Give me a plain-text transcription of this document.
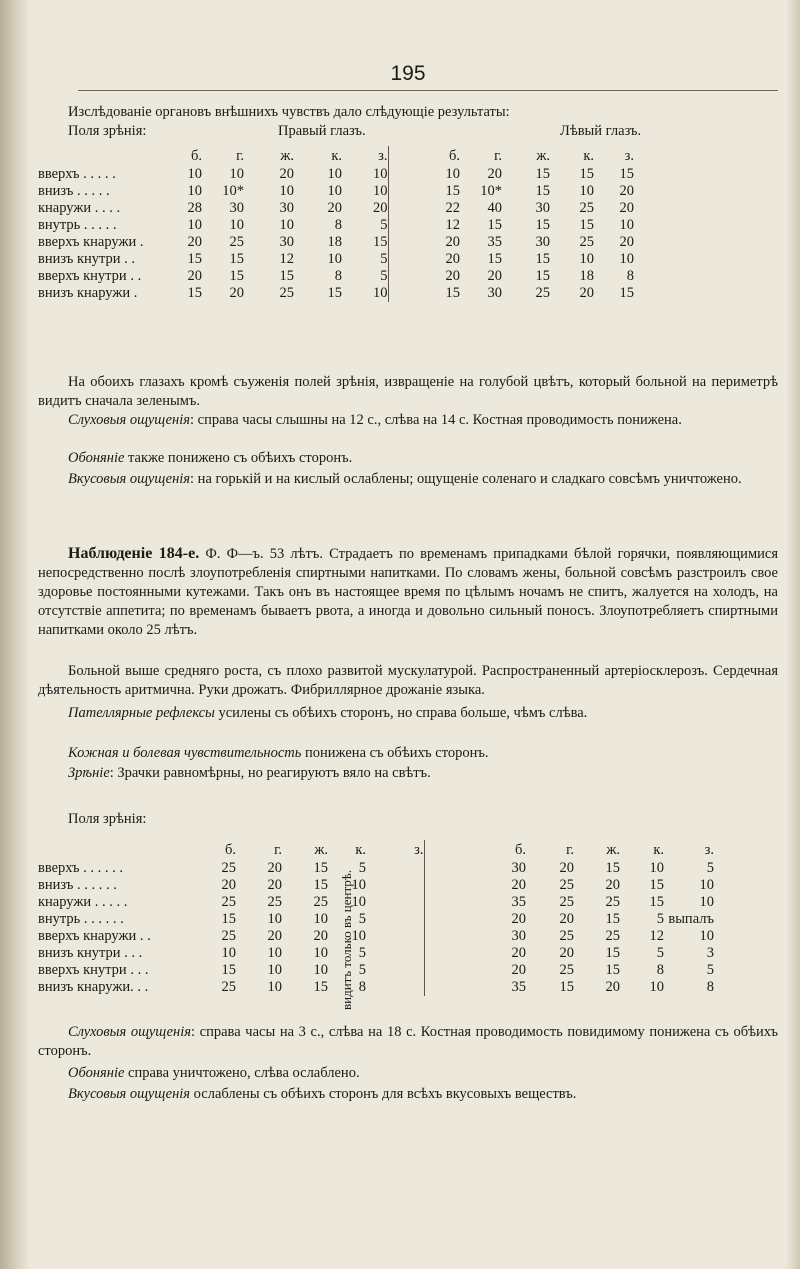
195

Изслѣдованiе органовъ внѣшнихъ чувствъ дало слѣдующiе результаты:

Поля зрѣнiя:	Правый глазъ.	Лѣвый глазъ.
	б.	г.	ж.	к.	з.		б.	г.	ж.	к.	з.
вверхъ . . . . .	10	10	20	10	10		10	20	15	15	15
внизъ . . . . .	10	10*	10	10	10		15	10*	15	10	20
кнаружи . . . .	28	30	30	20	20		22	40	30	25	20
внутрь . . . . .	10	10	10	8	5		12	15	15	15	10
вверхъ кнаружи .	20	25	30	18	15		20	35	30	25	20
внизъ кнутри . .	15	15	12	10	5		20	15	15	10	10
вверхъ кнутри . .	20	15	15	8	5		20	20	15	18	8
внизъ кнаружи .	15	20	25	15	10		15	30	25	20	15

На обоихъ глазахъ кромѣ съуженiя полей зрѣнiя, извращенiе на голубой цвѣтъ, который больной на периметрѣ видитъ сначала зеленымъ.

Слуховыя ощущенiя: справа часы слышны на 12 с., слѣва на 14 с. Костная проводимость понижена.

Обонянiе также понижено съ обѣихъ сторонъ.

Вкусовыя ощущенiя: на горькiй и на кислый ослаблены; ощущенiе соленаго и сладкаго совсѣмъ уничтожено.

Наблюденiе 184-е. Ф. Ф—ъ. 53 лѣтъ. Страдаетъ по временамъ припадками бѣлой горячки, появляющимися непосредственно послѣ злоупотребленiя спиртными напитками. По словамъ жены, больной совсѣмъ разстроилъ свое здоровье постоянными кутежами. Такъ онъ въ настоящее время по цѣлымъ ночамъ не спитъ, жалуется на холодъ, на отсутствiе аппетита; по временамъ бываетъ рвота, а иногда и довольно сильный поносъ. Злоупотребляетъ спиртными напитками около 25 лѣтъ.

Больной выше средняго роста, съ плохо развитой мускулатурой. Распространенный артерiосклерозъ. Сердечная дѣятельность аритмична. Руки дрожатъ. Фибриллярное дрожанiе языка.

Пателлярные рефлексы усилены съ обѣихъ сторонъ, но справа больше, чѣмъ слѣва.

Кожная и болевая чувствительность понижена съ обѣихъ сторонъ.

Зрѣнiе: Зрачки равномѣрны, но реагируютъ вяло на свѣтъ.

Поля зрѣнiя:
	б.	г.	ж.	к.	з.		б.	г.	ж.	к.	з.
вверхъ . . . . . .	25	20	15	5			30	20	15	10	5
внизъ . . . . . .	20	20	15	10			20	25	20	15	10
кнаружи . . . . .	25	25	25	10			35	25	25	15	10
внутрь . . . . . .	15	10	10	5			20	20	15	5	выпалъ
вверхъ кнаружи . .	25	20	20	10			30	25	25	12	10
внизъ кнутри . . .	10	10	10	5			20	20	15	5	3
вверхъ кнутри . . .	15	10	10	5			20	25	15	8	5
внизъ кнаружи. . .	25	10	15	8			35	15	20	10	8
видитъ только въ центрѣ.

Слуховыя ощущенiя: справа часы на 3 с., слѣва на 18 с. Костная проводимость повидимому понижена съ обѣихъ сторонъ.

Обонянiе справа уничтожено, слѣва ослаблено.

Вкусовыя ощущенiя ослаблены съ обѣихъ сторонъ для всѣхъ вкусовыхъ веществъ.
